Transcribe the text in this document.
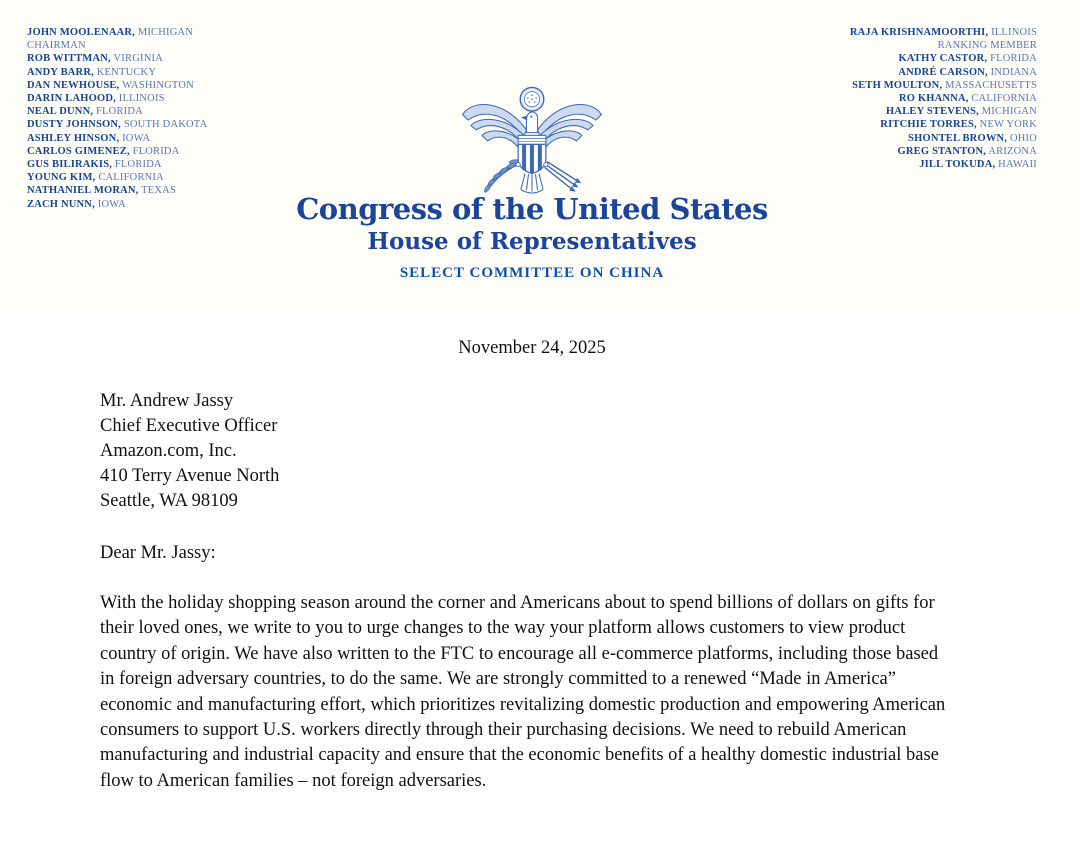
JOHN MOOLENAAR, MICHIGAN
CHAIRMAN
ROB WITTMAN, VIRGINIA
ANDY BARR, KENTUCKY
DAN NEWHOUSE, WASHINGTON
DARIN LAHOOD, ILLINOIS
NEAL DUNN, FLORIDA
DUSTY JOHNSON, SOUTH DAKOTA
ASHLEY HINSON, IOWA
CARLOS GIMENEZ, FLORIDA
GUS BILIRAKIS, FLORIDA
YOUNG KIM, CALIFORNIA
NATHANIEL MORAN, TEXAS
ZACH NUNN, IOWA
RAJA KRISHNAMOORTHI, ILLINOIS
RANKING MEMBER
KATHY CASTOR, FLORIDA
ANDRÉ CARSON, INDIANA
SETH MOULTON, MASSACHUSETTS
RO KHANNA, CALIFORNIA
HALEY STEVENS, MICHIGAN
RITCHIE TORRES, NEW YORK
SHONTEL BROWN, OHIO
GREG STANTON, ARIZONA
JILL TOKUDA, HAWAII
Congress of the United States
House of Representatives
SELECT COMMITTEE ON CHINA
November 24, 2025
Mr. Andrew Jassy
Chief Executive Officer
Amazon.com, Inc.
410 Terry Avenue North
Seattle, WA 98109
Dear Mr. Jassy:

With the holiday shopping season around the corner and Americans about to spend billions of dollars on gifts for their loved ones, we write to you to urge changes to the way your platform allows customers to view product country of origin. We have also written to the FTC to encourage all e-commerce platforms, including those based in foreign adversary countries, to do the same. We are strongly committed to a renewed “Made in America” economic and manufacturing effort, which prioritizes revitalizing domestic production and empowering American consumers to support U.S. workers directly through their purchasing decisions. We need to rebuild American manufacturing and industrial capacity and ensure that the economic benefits of a healthy domestic industrial base flow to American families – not foreign adversaries.
